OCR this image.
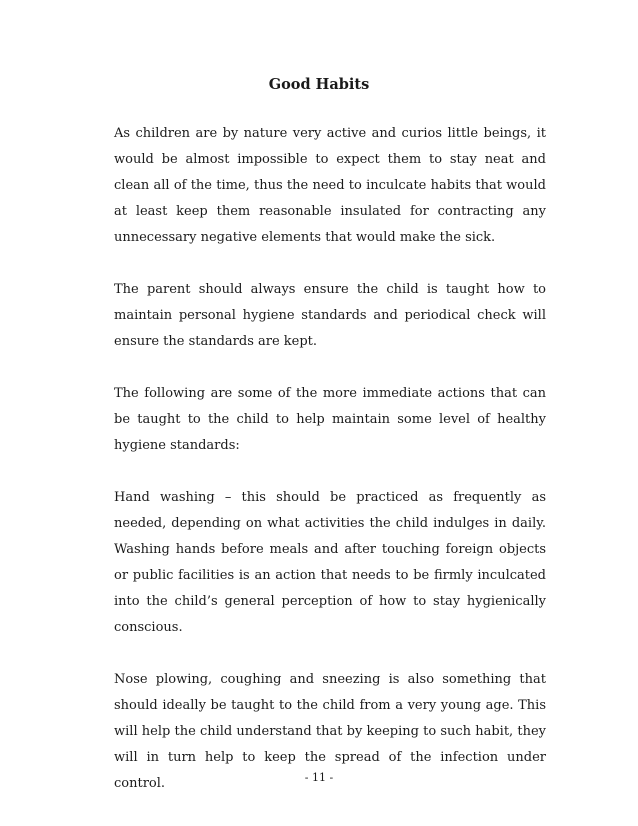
Good Habits

As children are by nature very active and curios little beings, it would be almost impossible to expect them to stay neat and clean all of the time, thus the need to inculcate habits that would at least keep them reasonable insulated for contracting any unnecessary negative elements that would make the sick.

The parent should always ensure the child is taught how to maintain personal hygiene standards and periodical check will ensure the standards are kept.

The following are some of the more immediate actions that can be taught to the child to help maintain some level of healthy hygiene standards:

Hand washing – this should be practiced as frequently as needed, depending on what activities the child indulges in daily. Washing hands before meals and after touching foreign objects or public facilities is an action that needs to be firmly inculcated into the child’s general perception of how to stay hygienically conscious.

Nose plowing, coughing and sneezing is also something that should ideally be taught to the child from a very young age. This will help the child understand that by keeping to such habit, they will in turn help to keep the spread of the infection under control.	- 11 -
